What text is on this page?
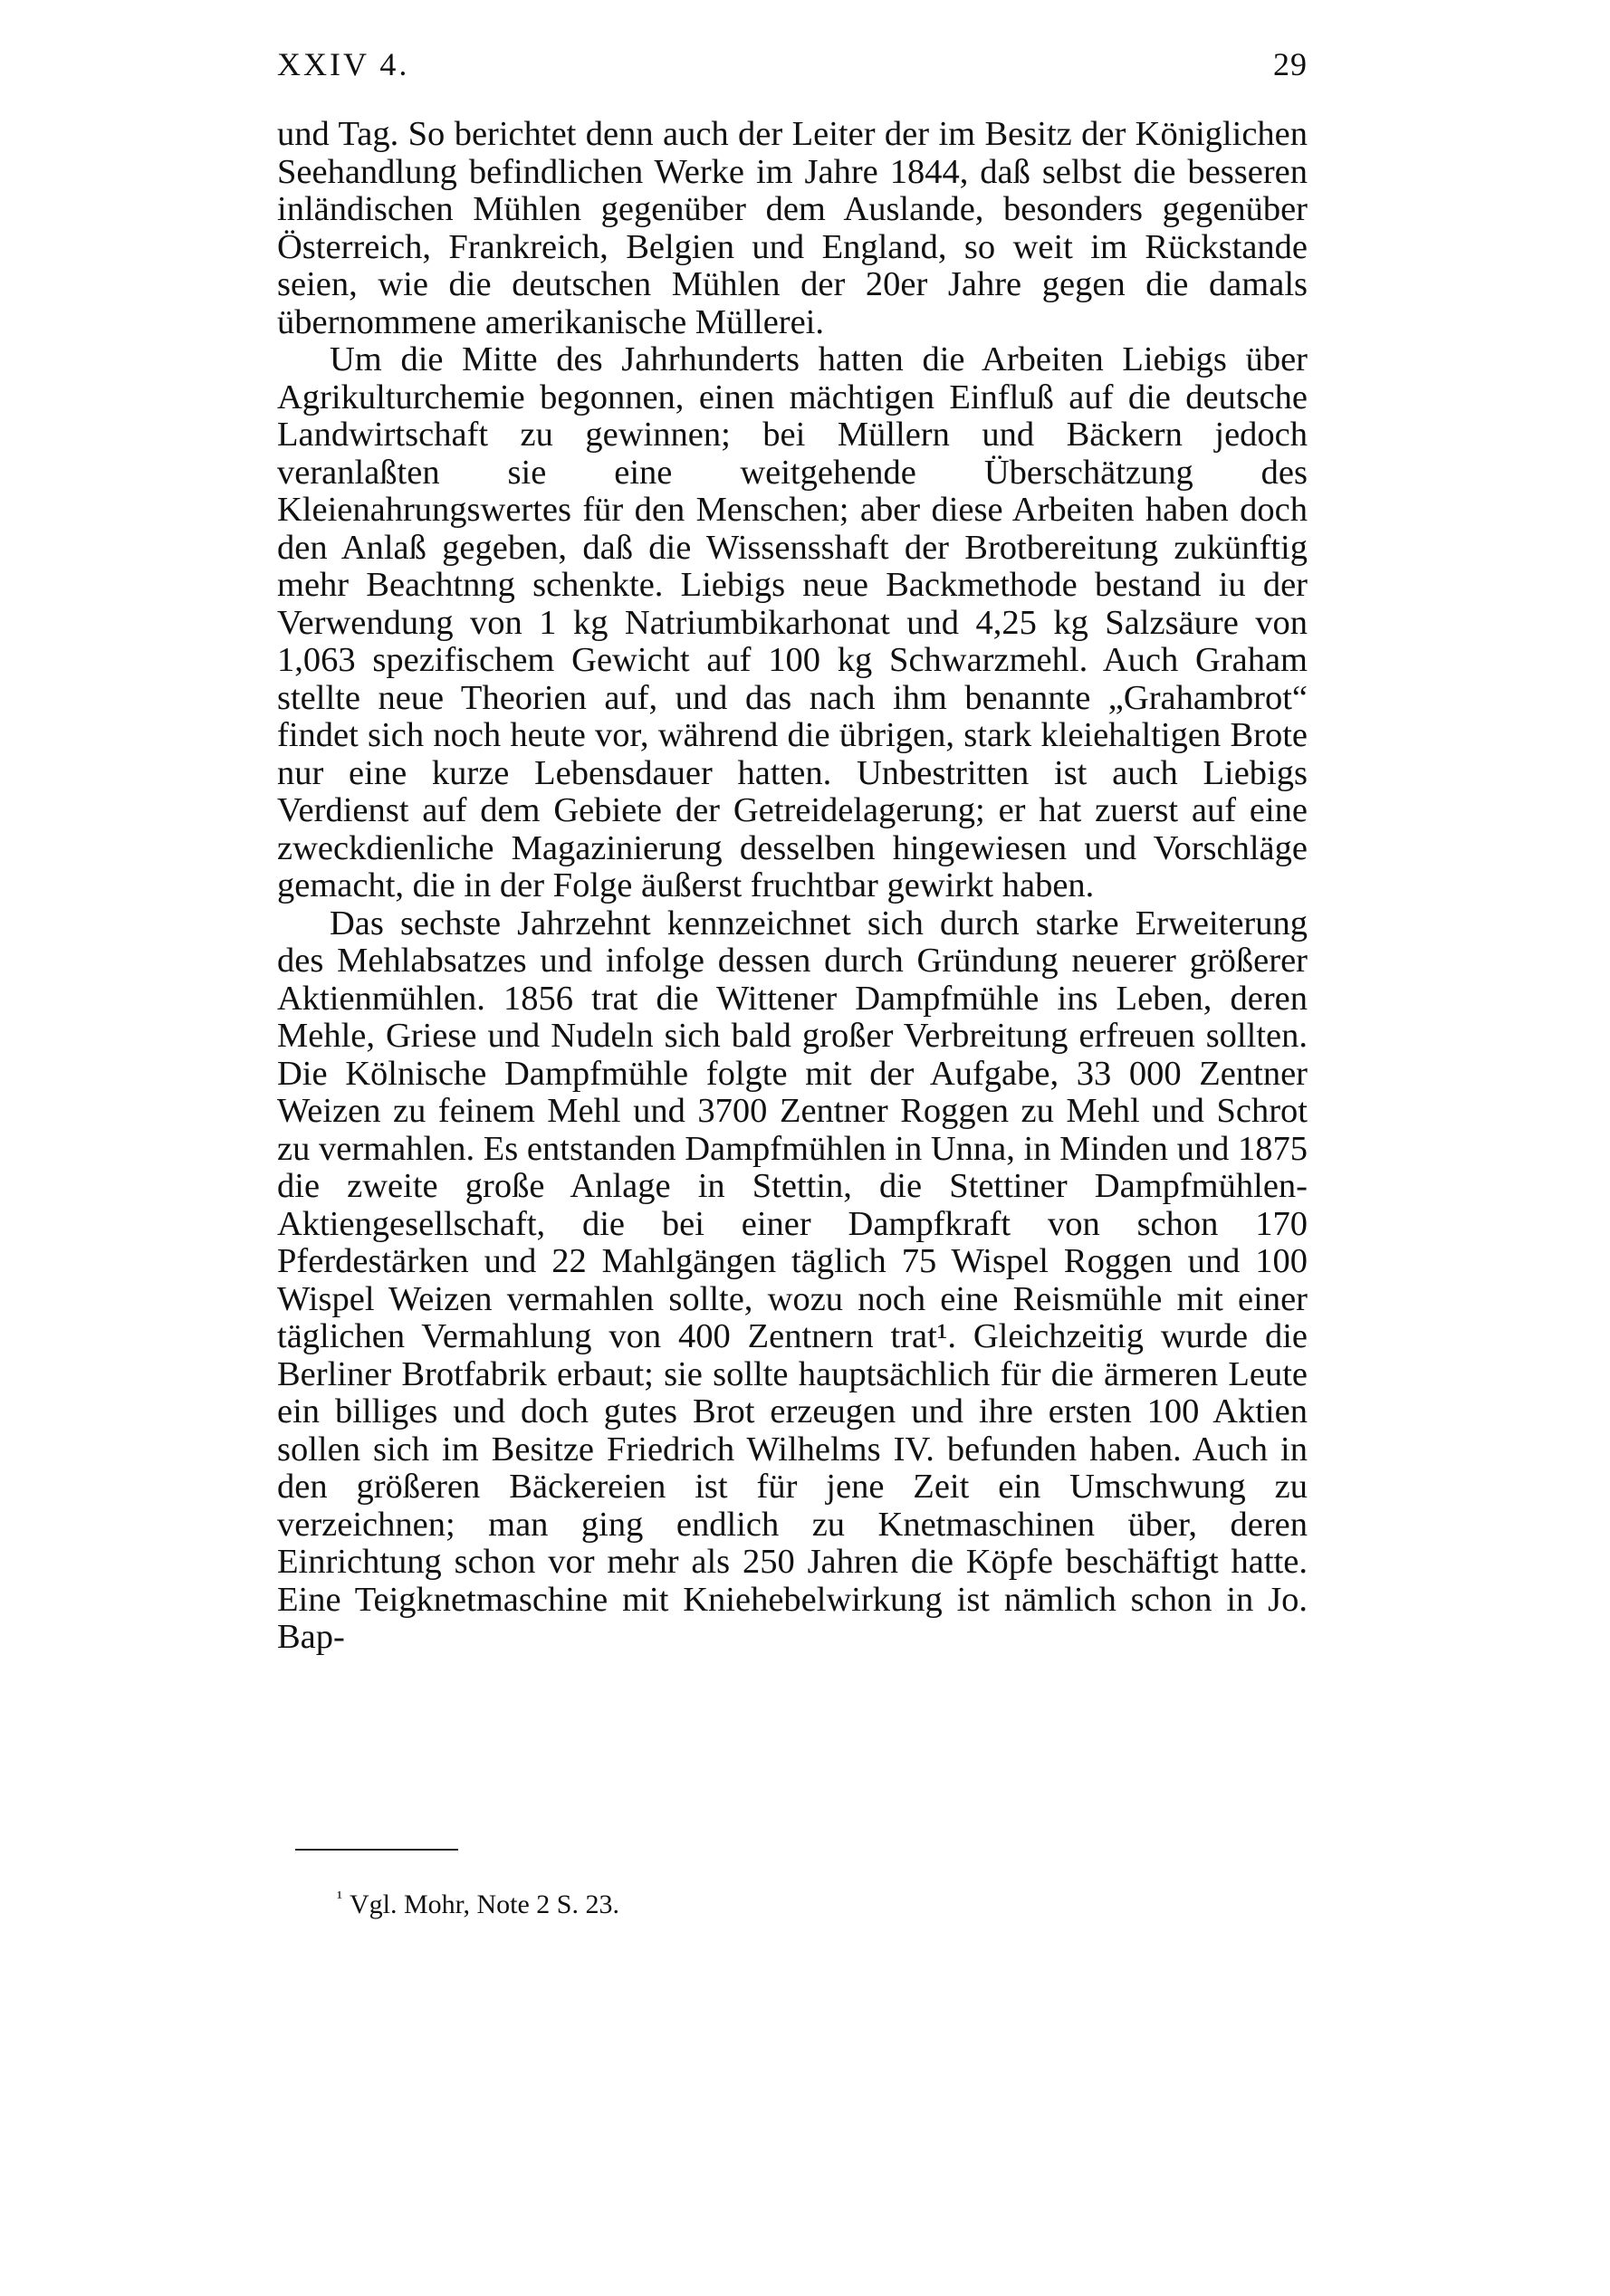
XXIV 4.	29

und Tag. So berichtet denn auch der Leiter der im Besitz der Königlichen Seehandlung befindlichen Werke im Jahre 1844, daß selbst die besseren inländischen Mühlen gegenüber dem Auslande, besonders gegenüber Österreich, Frankreich, Belgien und England, so weit im Rückstande seien, wie die deutschen Mühlen der 20er Jahre gegen die damals übernommene amerikanische Müllerei.

Um die Mitte des Jahrhunderts hatten die Arbeiten Liebigs über Agrikulturchemie begonnen, einen mächtigen Einfluß auf die deutsche Landwirtschaft zu gewinnen; bei Müllern und Bäckern jedoch veranlaßten sie eine weitgehende Überschätzung des Kleienahrungswertes für den Menschen; aber diese Arbeiten haben doch den Anlaß gegeben, daß die Wissensshaft der Brotbereitung zukünftig mehr Beachtnng schenkte. Liebigs neue Backmethode bestand iu der Verwendung von 1 kg Natriumbikarhonat und 4,25 kg Salzsäure von 1,063 spezifischem Gewicht auf 100 kg Schwarzmehl. Auch Graham stellte neue Theorien auf, und das nach ihm benannte „Grahambrot“ findet sich noch heute vor, während die übrigen, stark kleiehaltigen Brote nur eine kurze Lebensdauer hatten. Unbestritten ist auch Liebigs Verdienst auf dem Gebiete der Getreidelagerung; er hat zuerst auf eine zweckdienliche Magazinierung desselben hingewiesen und Vorschläge gemacht, die in der Folge äußerst fruchtbar gewirkt haben.

Das sechste Jahrzehnt kennzeichnet sich durch starke Erweiterung des Mehlabsatzes und infolge dessen durch Gründung neuerer größerer Aktienmühlen. 1856 trat die Wittener Dampfmühle ins Leben, deren Mehle, Griese und Nudeln sich bald großer Verbreitung erfreuen sollten. Die Kölnische Dampfmühle folgte mit der Aufgabe, 33 000 Zentner Weizen zu feinem Mehl und 3700 Zentner Roggen zu Mehl und Schrot zu vermahlen. Es entstanden Dampfmühlen in Unna, in Minden und 1875 die zweite große Anlage in Stettin, die Stettiner Dampfmühlen-Aktiengesellschaft, die bei einer Dampfkraft von schon 170 Pferdestärken und 22 Mahlgängen täglich 75 Wispel Roggen und 100 Wispel Weizen vermahlen sollte, wozu noch eine Reismühle mit einer täglichen Vermahlung von 400 Zentnern trat¹. Gleichzeitig wurde die Berliner Brotfabrik erbaut; sie sollte hauptsächlich für die ärmeren Leute ein billiges und doch gutes Brot erzeugen und ihre ersten 100 Aktien sollen sich im Besitze Friedrich Wilhelms IV. befunden haben. Auch in den größeren Bäckereien ist für jene Zeit ein Umschwung zu verzeichnen; man ging endlich zu Knetmaschinen über, deren Einrichtung schon vor mehr als 250 Jahren die Köpfe beschäftigt hatte. Eine Teigknetmaschine mit Kniehebelwirkung ist nämlich schon in Jo. Bap-

$^{^1}$ Vgl. Mohr, Note 2 S. 23.
